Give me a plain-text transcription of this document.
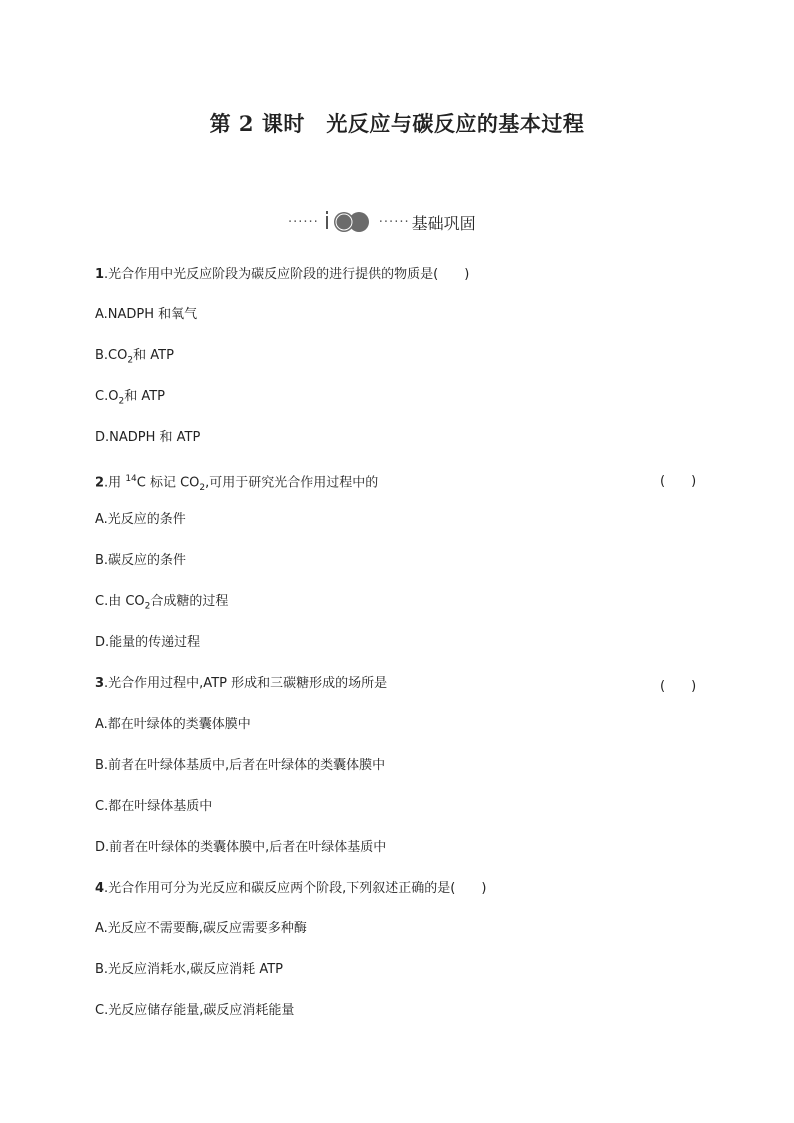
第 2 课时　光反应与碳反应的基本过程
······	······ 基础巩固
1.光合作用中光反应阶段为碳反应阶段的进行提供的物质是(　　)
A.NADPH 和氧气
$B.CO_2$和 ATP
$C.O_2$和 ATP
D.NADPH 和 ATP
2.用 $^{14}$C 标记 $CO_2$,可用于研究光合作用过程中的	(　　)
A.光反应的条件
B.碳反应的条件
C.由 $CO_2$合成糖的过程
D.能量的传递过程
3.光合作用过程中,ATP 形成和三碳糖形成的场所是	(　　)
A.都在叶绿体的类囊体膜中
B.前者在叶绿体基质中,后者在叶绿体的类囊体膜中
C.都在叶绿体基质中
D.前者在叶绿体的类囊体膜中,后者在叶绿体基质中
4.光合作用可分为光反应和碳反应两个阶段,下列叙述正确的是(　　)
A.光反应不需要酶,碳反应需要多种酶
B.光反应消耗水,碳反应消耗 ATP
C.光反应储存能量,碳反应消耗能量
